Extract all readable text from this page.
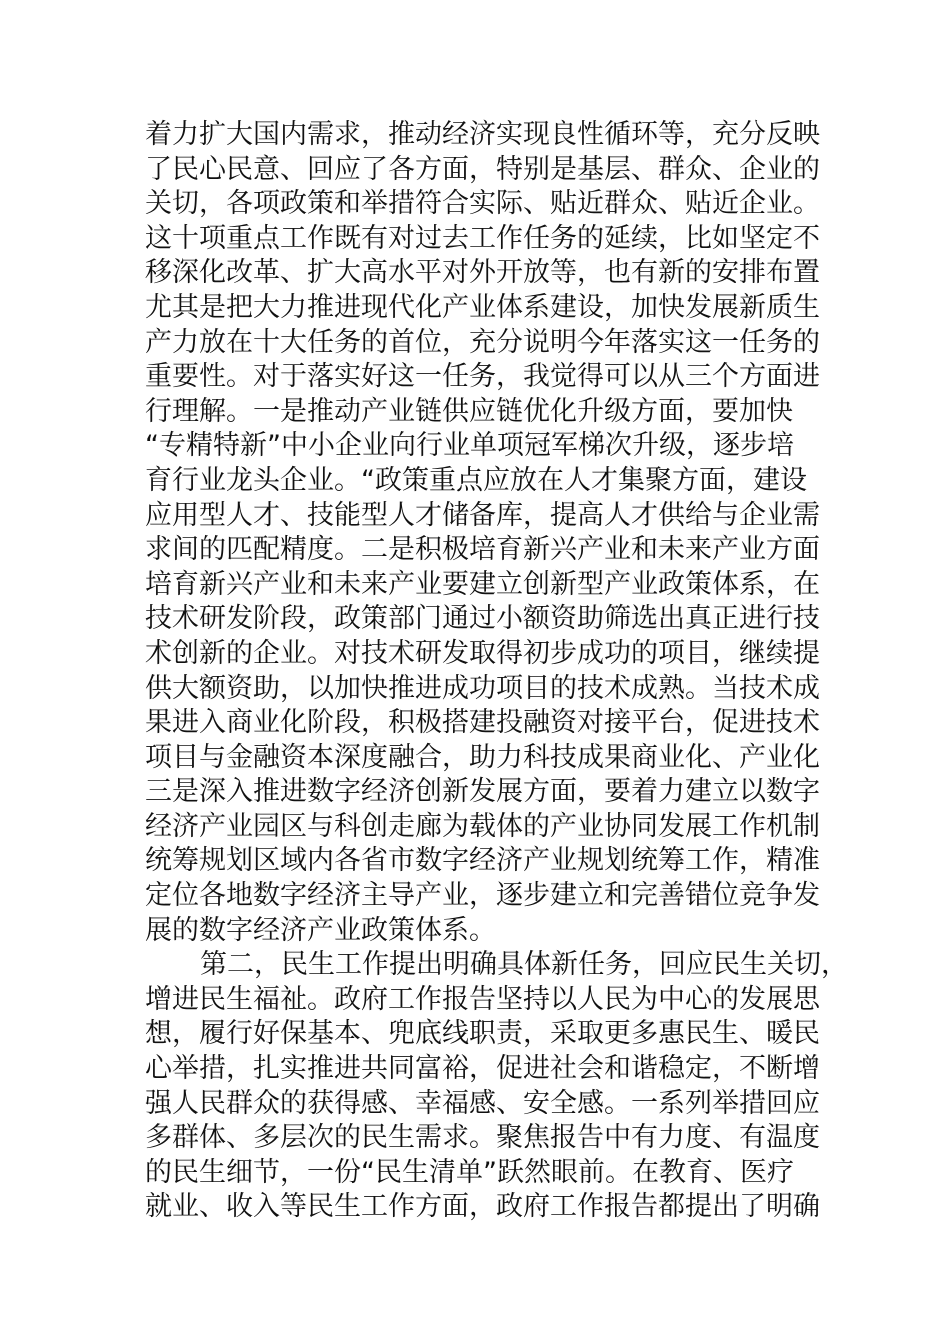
着力扩大国内需求，推动经济实现良性循环等，充分反映
了民心民意、回应了各方面，特别是基层、群众、企业的
关切，各项政策和举措符合实际、贴近群众、贴近企业。
这十项重点工作既有对过去工作任务的延续，比如坚定不
移深化改革、扩大高水平对外开放等，也有新的安排布置
尤其是把大力推进现代化产业体系建设，加快发展新质生
产力放在十大任务的首位，充分说明今年落实这一任务的
重要性。对于落实好这一任务，我觉得可以从三个方面进
行理解。一是推动产业链供应链优化升级方面，要加快
“专精特新”中小企业向行业单项冠军梯次升级，逐步培
育行业龙头企业。“政策重点应放在人才集聚方面，建设
应用型人才、技能型人才储备库，提高人才供给与企业需
求间的匹配精度。二是积极培育新兴产业和未来产业方面
培育新兴产业和未来产业要建立创新型产业政策体系，在
技术研发阶段，政策部门通过小额资助筛选出真正进行技
术创新的企业。对技术研发取得初步成功的项目，继续提
供大额资助，以加快推进成功项目的技术成熟。当技术成
果进入商业化阶段，积极搭建投融资对接平台，促进技术
项目与金融资本深度融合，助力科技成果商业化、产业化
三是深入推进数字经济创新发展方面，要着力建立以数字
经济产业园区与科创走廊为载体的产业协同发展工作机制
统筹规划区域内各省市数字经济产业规划统筹工作，精准
定位各地数字经济主导产业，逐步建立和完善错位竞争发
展的数字经济产业政策体系。
第二，民生工作提出明确具体新任务，回应民生关切，
增进民生福祉。政府工作报告坚持以人民为中心的发展思
想，履行好保基本、兜底线职责，采取更多惠民生、暖民
心举措，扎实推进共同富裕，促进社会和谐稳定，不断增
强人民群众的获得感、幸福感、安全感。一系列举措回应
多群体、多层次的民生需求。聚焦报告中有力度、有温度
的民生细节，一份“民生清单”跃然眼前。在教育、医疗
就业、收入等民生工作方面，政府工作报告都提出了明确
